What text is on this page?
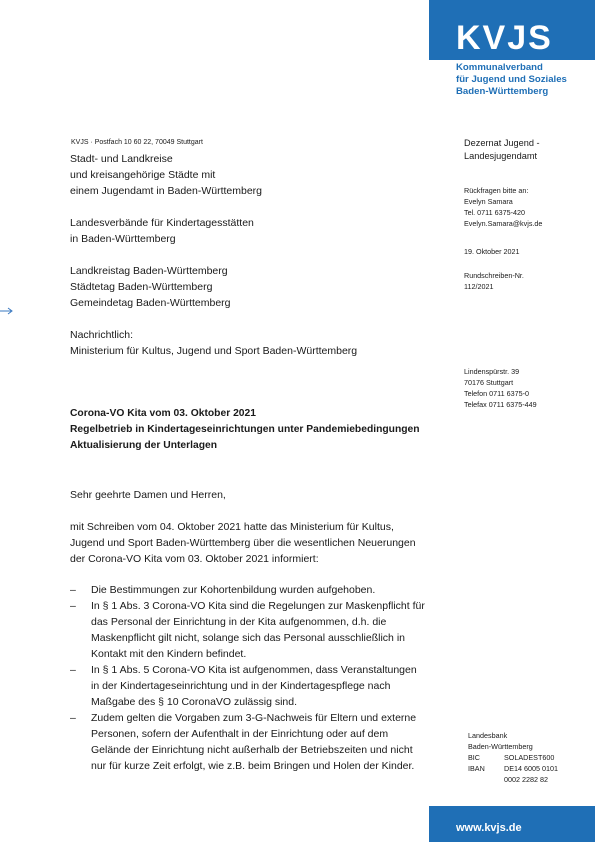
KVJS
Kommunalverband
für Jugend und Soziales
Baden-Württemberg
KVJS · Postfach 10 60 22, 70049 Stuttgart
Stadt- und Landkreise
und kreisangehörige Städte mit
einem Jugendamt in Baden-Württemberg
Landesverbände für Kindertagesstätten
in Baden-Württemberg
Landkreistag Baden-Württemberg
Städtetag Baden-Württemberg
Gemeindetag Baden-Württemberg
Nachrichtlich:
Ministerium für Kultus, Jugend und Sport Baden-Württemberg
Dezernat Jugend -
Landesjugendamt
Rückfragen bitte an:
Evelyn Samara
Tel. 0711 6375-420
Evelyn.Samara@kvjs.de
19. Oktober 2021
Rundschreiben-Nr.
112/2021
Lindenspürstr. 39
70176 Stuttgart
Telefon 0711 6375-0
Telefax 0711 6375-449
Corona-VO Kita vom 03. Oktober 2021
Regelbetrieb in Kindertageseinrichtungen unter Pandemiebedingungen
Aktualisierung der Unterlagen
Sehr geehrte Damen und Herren,
mit Schreiben vom 04. Oktober 2021 hatte das Ministerium für Kultus,
Jugend und Sport Baden-Württemberg über die wesentlichen Neuerungen
der Corona-VO Kita vom 03. Oktober 2021 informiert:
– Die Bestimmungen zur Kohortenbildung wurden aufgehoben.
– In § 1 Abs. 3 Corona-VO Kita sind die Regelungen zur Maskenpflicht für
das Personal der Einrichtung in der Kita aufgenommen, d.h. die
Maskenpflicht gilt nicht, solange sich das Personal ausschließlich in
Kontakt mit den Kindern befindet.
– In § 1 Abs. 5 Corona-VO Kita ist aufgenommen, dass Veranstaltungen
in der Kindertageseinrichtung und in der Kindertagespflege nach
Maßgabe des § 10 CoronaVO zulässig sind.
– Zudem gelten die Vorgaben zum 3-G-Nachweis für Eltern und externe
Personen, sofern der Aufenthalt in der Einrichtung oder auf dem
Gelände der Einrichtung nicht außerhalb der Betriebszeiten und nicht
nur für kurze Zeit erfolgt, wie z.B. beim Bringen und Holen der Kinder.
Landesbank
Baden-Württemberg
BIC	SOLADEST600
IBAN	DE14 6005 0101
0002 2282 82
www.kvjs.de
